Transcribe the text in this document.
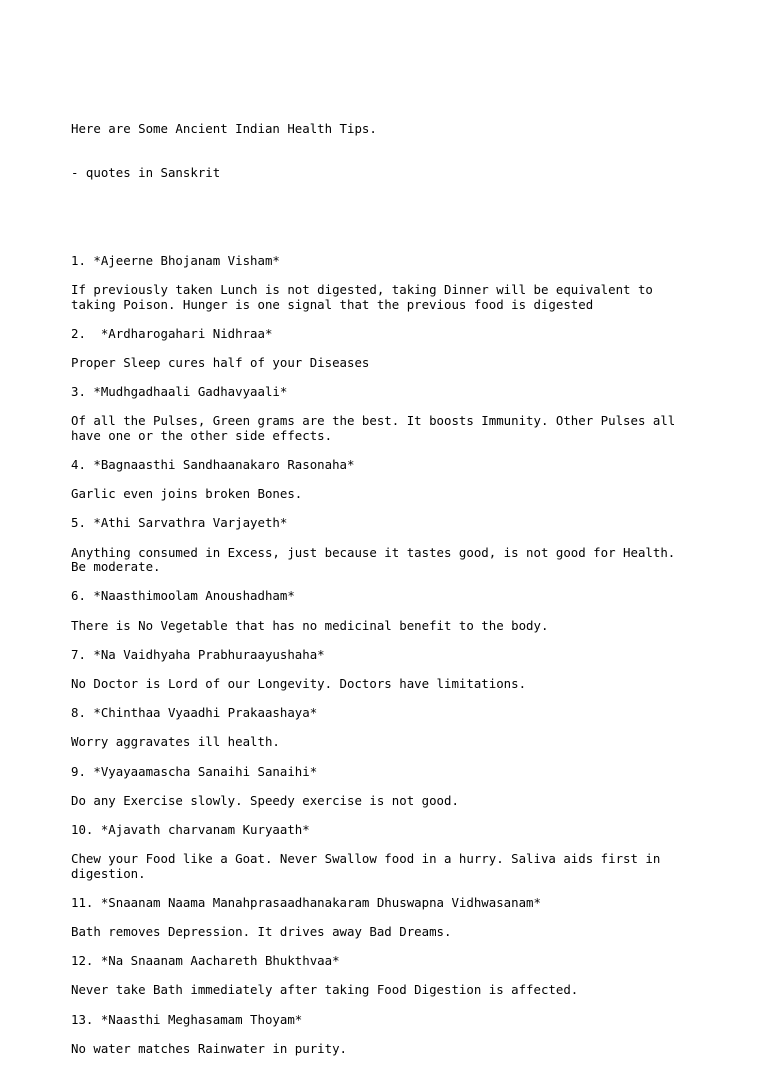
Here are Some Ancient Indian Health Tips.

- quotes in Sanskrit

1. *Ajeerne Bhojanam Visham*
If previously taken Lunch is not digested, taking Dinner will be equivalent to
taking Poison. Hunger is one signal that the previous food is digested
2.  *Ardharogahari Nidhraa*
Proper Sleep cures half of your Diseases
3. *Mudhgadhaali Gadhavyaali*
Of all the Pulses, Green grams are the best. It boosts Immunity. Other Pulses all
have one or the other side effects.
4. *Bagnaasthi Sandhaanakaro Rasonaha*
Garlic even joins broken Bones.
5. *Athi Sarvathra Varjayeth*
Anything consumed in Excess, just because it tastes good, is not good for Health.
Be moderate.
6. *Naasthimoolam Anoushadham*
There is No Vegetable that has no medicinal benefit to the body.
7. *Na Vaidhyaha Prabhuraayushaha*
No Doctor is Lord of our Longevity. Doctors have limitations.
8. *Chinthaa Vyaadhi Prakaashaya*
Worry aggravates ill health.
9. *Vyayaamascha Sanaihi Sanaihi*
Do any Exercise slowly. Speedy exercise is not good.
10. *Ajavath charvanam Kuryaath*
Chew your Food like a Goat. Never Swallow food in a hurry. Saliva aids first in
digestion.
11. *Snaanam Naama Manahprasaadhanakaram Dhuswapna Vidhwasanam*
Bath removes Depression. It drives away Bad Dreams.
12. *Na Snaanam Aachareth Bhukthvaa*
Never take Bath immediately after taking Food Digestion is affected.
13. *Naasthi Meghasamam Thoyam*
No water matches Rainwater in purity.
